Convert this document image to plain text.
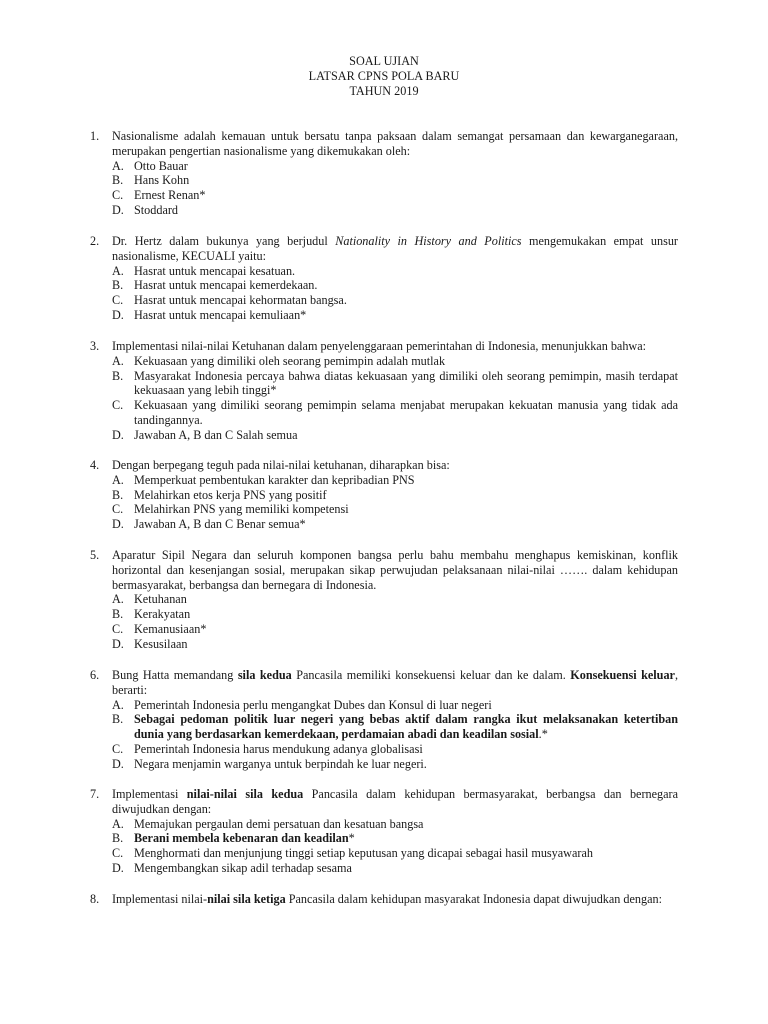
SOAL UJIAN
LATSAR CPNS POLA BARU
TAHUN 2019
1. Nasionalisme adalah kemauan untuk bersatu tanpa paksaan dalam semangat persamaan dan kewarganegaraan, merupakan pengertian nasionalisme yang dikemukakan oleh:
A. Otto Bauar
B. Hans Kohn
C. Ernest Renan*
D. Stoddard
2. Dr. Hertz dalam bukunya yang berjudul Nationality in History and Politics mengemukakan empat unsur nasionalisme, KECUALI yaitu:
A. Hasrat untuk mencapai kesatuan.
B. Hasrat untuk mencapai kemerdekaan.
C. Hasrat untuk mencapai kehormatan bangsa.
D. Hasrat untuk mencapai kemuliaan*
3. Implementasi nilai-nilai Ketuhanan dalam penyelenggaraan pemerintahan di Indonesia, menunjukkan bahwa:
A. Kekuasaan yang dimiliki oleh seorang pemimpin adalah mutlak
B. Masyarakat Indonesia percaya bahwa diatas kekuasaan yang dimiliki oleh seorang pemimpin, masih terdapat kekuasaan yang lebih tinggi*
C. Kekuasaan yang dimiliki seorang pemimpin selama menjabat merupakan kekuatan manusia yang tidak ada tandingannya.
D. Jawaban A, B dan C Salah semua
4. Dengan berpegang teguh pada nilai-nilai ketuhanan, diharapkan bisa:
A. Memperkuat pembentukan karakter dan kepribadian PNS
B. Melahirkan etos kerja PNS yang positif
C. Melahirkan PNS yang memiliki kompetensi
D. Jawaban A, B dan C Benar semua*
5. Aparatur Sipil Negara dan seluruh komponen bangsa perlu bahu membahu menghapus kemiskinan, konflik horizontal dan kesenjangan sosial, merupakan sikap perwujudan pelaksanaan nilai-nilai ……. dalam kehidupan bermasyarakat, berbangsa dan bernegara di Indonesia.
A. Ketuhanan
B. Kerakyatan
C. Kemanusiaan*
D. Kesusilaan
6. Bung Hatta memandang sila kedua Pancasila memiliki konsekuensi keluar dan ke dalam. Konsekuensi keluar, berarti:
A. Pemerintah Indonesia perlu mengangkat Dubes dan Konsul di luar negeri
B. Sebagai pedoman politik luar negeri yang bebas aktif dalam rangka ikut melaksanakan ketertiban dunia yang berdasarkan kemerdekaan, perdamaian abadi dan keadilan sosial.*
C. Pemerintah Indonesia harus mendukung adanya globalisasi
D. Negara menjamin warganya untuk berpindah ke luar negeri.
7. Implementasi nilai-nilai sila kedua Pancasila dalam kehidupan bermasyarakat, berbangsa dan bernegara diwujudkan dengan:
A. Memajukan pergaulan demi persatuan dan kesatuan bangsa
B. Berani membela kebenaran dan keadilan*
C. Menghormati dan menjunjung tinggi setiap keputusan yang dicapai sebagai hasil musyawarah
D. Mengembangkan sikap adil terhadap sesama
8. Implementasi nilai-nilai sila ketiga Pancasila dalam kehidupan masyarakat Indonesia dapat diwujudkan dengan:
